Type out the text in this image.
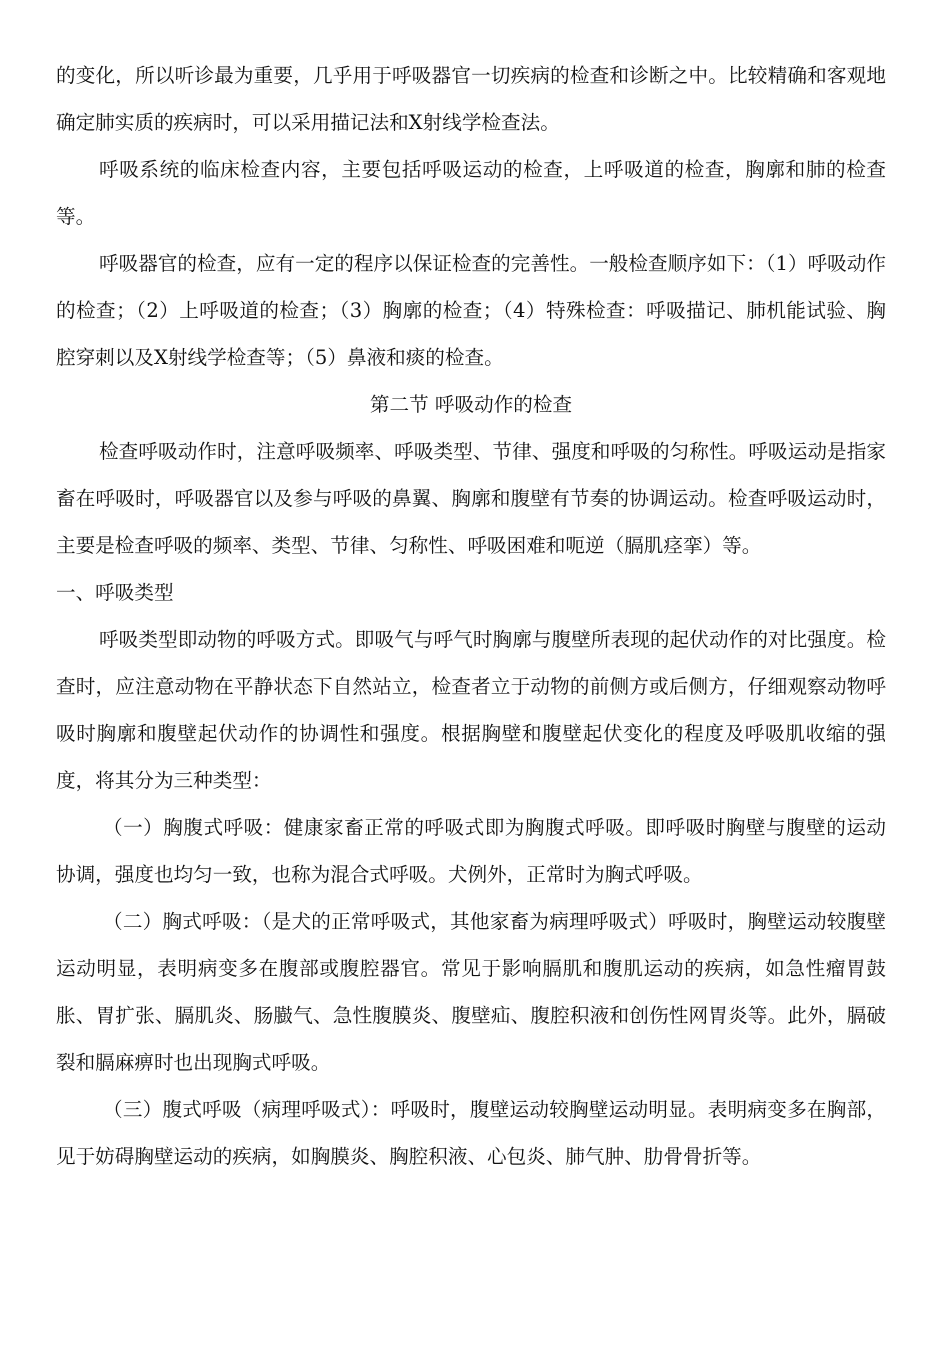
的变化，所以听诊最为重要，几乎用于呼吸器官一切疾病的检查和诊断之中。比较精确和客观地确定肺实质的疾病时，可以采用描记法和X射线学检查法。

呼吸系统的临床检查内容，主要包括呼吸运动的检查，上呼吸道的检查，胸廓和肺的检查等。

呼吸器官的检查，应有一定的程序以保证检查的完善性。一般检查顺序如下：（1）呼吸动作的检查；（2）上呼吸道的检查；（3）胸廓的检查；（4）特殊检查：呼吸描记、肺机能试验、胸腔穿刺以及X射线学检查等；（5）鼻液和痰的检查。

第二节 呼吸动作的检查

检查呼吸动作时，注意呼吸频率、呼吸类型、节律、强度和呼吸的匀称性。呼吸运动是指家畜在呼吸时，呼吸器官以及参与呼吸的鼻翼、胸廓和腹壁有节奏的协调运动。检查呼吸运动时，主要是检查呼吸的频率、类型、节律、匀称性、呼吸困难和呃逆（膈肌痉挛）等。

一、呼吸类型

呼吸类型即动物的呼吸方式。即吸气与呼气时胸廓与腹壁所表现的起伏动作的对比强度。检查时，应注意动物在平静状态下自然站立，检查者立于动物的前侧方或后侧方，仔细观察动物呼吸时胸廓和腹壁起伏动作的协调性和强度。根据胸壁和腹壁起伏变化的程度及呼吸肌收缩的强度，将其分为三种类型：

（一）胸腹式呼吸：健康家畜正常的呼吸式即为胸腹式呼吸。即呼吸时胸壁与腹壁的运动协调，强度也均匀一致，也称为混合式呼吸。犬例外，正常时为胸式呼吸。

（二）胸式呼吸：（是犬的正常呼吸式，其他家畜为病理呼吸式）呼吸时，胸壁运动较腹壁运动明显，表明病变多在腹部或腹腔器官。常见于影响膈肌和腹肌运动的疾病，如急性瘤胃鼓胀、胃扩张、膈肌炎、肠臌气、急性腹膜炎、腹壁疝、腹腔积液和创伤性网胃炎等。此外，膈破裂和膈麻痹时也出现胸式呼吸。

（三）腹式呼吸（病理呼吸式）：呼吸时，腹壁运动较胸壁运动明显。表明病变多在胸部，见于妨碍胸壁运动的疾病，如胸膜炎、胸腔积液、心包炎、肺气肿、肋骨骨折等。
